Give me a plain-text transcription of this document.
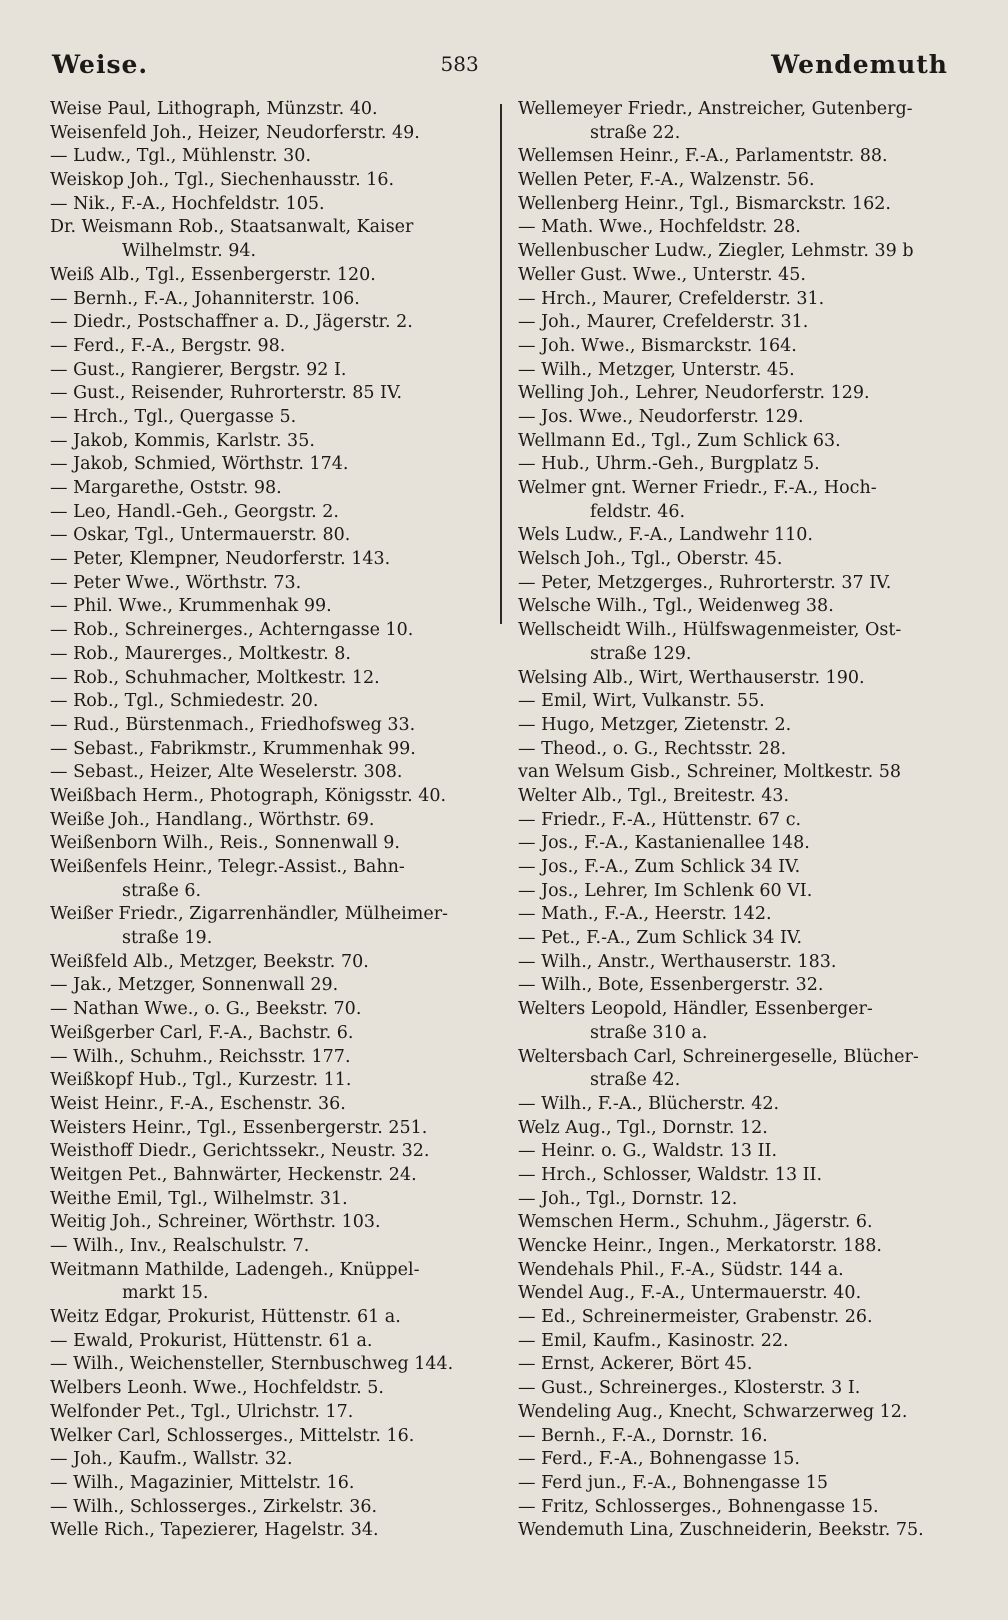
Weise.	583	Wendemuth
Weise Paul, Lithograph, Münzstr. 40.
Weisenfeld Joh., Heizer, Neudorferstr. 49.
— Ludw., Tgl., Mühlenstr. 30.
Weiskop Joh., Tgl., Siechenhausstr. 16.
— Nik., F.-A., Hochfeldstr. 105.
Dr. Weismann Rob., Staatsanwalt, Kaiser
Wilhelmstr. 94.
Weiß Alb., Tgl., Essenbergerstr. 120.
— Bernh., F.-A., Johanniterstr. 106.
— Diedr., Postschaffner a. D., Jägerstr. 2.
— Ferd., F.-A., Bergstr. 98.
— Gust., Rangierer, Bergstr. 92 I.
— Gust., Reisender, Ruhrorterstr. 85 IV.
— Hrch., Tgl., Quergasse 5.
— Jakob, Kommis, Karlstr. 35.
— Jakob, Schmied, Wörthstr. 174.
— Margarethe, Oststr. 98.
— Leo, Handl.-Geh., Georgstr. 2.
— Oskar, Tgl., Untermauerstr. 80.
— Peter, Klempner, Neudorferstr. 143.
— Peter Wwe., Wörthstr. 73.
— Phil. Wwe., Krummenhak 99.
— Rob., Schreinerges., Achterngasse 10.
— Rob., Maurerges., Moltkestr. 8.
— Rob., Schuhmacher, Moltkestr. 12.
— Rob., Tgl., Schmiedestr. 20.
— Rud., Bürstenmach., Friedhofsweg 33.
— Sebast., Fabrikmstr., Krummenhak 99.
— Sebast., Heizer, Alte Weselerstr. 308.
Weißbach Herm., Photograph, Königsstr. 40.
Weiße Joh., Handlang., Wörthstr. 69.
Weißenborn Wilh., Reis., Sonnenwall 9.
Weißenfels Heinr., Telegr.-Assist., Bahn-
straße 6.
Weißer Friedr., Zigarrenhändler, Mülheimer-
straße 19.
Weißfeld Alb., Metzger, Beekstr. 70.
— Jak., Metzger, Sonnenwall 29.
— Nathan Wwe., o. G., Beekstr. 70.
Weißgerber Carl, F.-A., Bachstr. 6.
— Wilh., Schuhm., Reichsstr. 177.
Weißkopf Hub., Tgl., Kurzestr. 11.
Weist Heinr., F.-A., Eschenstr. 36.
Weisters Heinr., Tgl., Essenbergerstr. 251.
Weisthoff Diedr., Gerichtssekr., Neustr. 32.
Weitgen Pet., Bahnwärter, Heckenstr. 24.
Weithe Emil, Tgl., Wilhelmstr. 31.
Weitig Joh., Schreiner, Wörthstr. 103.
— Wilh., Inv., Realschulstr. 7.
Weitmann Mathilde, Ladengeh., Knüppel-
markt 15.
Weitz Edgar, Prokurist, Hüttenstr. 61 a.
— Ewald, Prokurist, Hüttenstr. 61 a.
— Wilh., Weichensteller, Sternbuschweg 144.
Welbers Leonh. Wwe., Hochfeldstr. 5.
Welfonder Pet., Tgl., Ulrichstr. 17.
Welker Carl, Schlosserges., Mittelstr. 16.
— Joh., Kaufm., Wallstr. 32.
— Wilh., Magazinier, Mittelstr. 16.
— Wilh., Schlosserges., Zirkelstr. 36.
Welle Rich., Tapezierer, Hagelstr. 34.
Wellemeyer Friedr., Anstreicher, Gutenberg-
straße 22.
Wellemsen Heinr., F.-A., Parlamentstr. 88.
Wellen Peter, F.-A., Walzenstr. 56.
Wellenberg Heinr., Tgl., Bismarckstr. 162.
— Math. Wwe., Hochfeldstr. 28.
Wellenbuscher Ludw., Ziegler, Lehmstr. 39 b
Weller Gust. Wwe., Unterstr. 45.
— Hrch., Maurer, Crefelderstr. 31.
— Joh., Maurer, Crefelderstr. 31.
— Joh. Wwe., Bismarckstr. 164.
— Wilh., Metzger, Unterstr. 45.
Welling Joh., Lehrer, Neudorferstr. 129.
— Jos. Wwe., Neudorferstr. 129.
Wellmann Ed., Tgl., Zum Schlick 63.
— Hub., Uhrm.-Geh., Burgplatz 5.
Welmer gnt. Werner Friedr., F.-A., Hoch-
feldstr. 46.
Wels Ludw., F.-A., Landwehr 110.
Welsch Joh., Tgl., Oberstr. 45.
— Peter, Metzgerges., Ruhrorterstr. 37 IV.
Welsche Wilh., Tgl., Weidenweg 38.
Wellscheidt Wilh., Hülfswagenmeister, Ost-
straße 129.
Welsing Alb., Wirt, Werthauserstr. 190.
— Emil, Wirt, Vulkanstr. 55.
— Hugo, Metzger, Zietenstr. 2.
— Theod., o. G., Rechtsstr. 28.
van Welsum Gisb., Schreiner, Moltkestr. 58
Welter Alb., Tgl., Breitestr. 43.
— Friedr., F.-A., Hüttenstr. 67 c.
— Jos., F.-A., Kastanienallee 148.
— Jos., F.-A., Zum Schlick 34 IV.
— Jos., Lehrer, Im Schlenk 60 VI.
— Math., F.-A., Heerstr. 142.
— Pet., F.-A., Zum Schlick 34 IV.
— Wilh., Anstr., Werthauserstr. 183.
— Wilh., Bote, Essenbergerstr. 32.
Welters Leopold, Händler, Essenberger-
straße 310 a.
Weltersbach Carl, Schreinergeselle, Blücher-
straße 42.
— Wilh., F.-A., Blücherstr. 42.
Welz Aug., Tgl., Dornstr. 12.
— Heinr. o. G., Waldstr. 13 II.
— Hrch., Schlosser, Waldstr. 13 II.
— Joh., Tgl., Dornstr. 12.
Wemschen Herm., Schuhm., Jägerstr. 6.
Wencke Heinr., Ingen., Merkatorstr. 188.
Wendehals Phil., F.-A., Südstr. 144 a.
Wendel Aug., F.-A., Untermauerstr. 40.
— Ed., Schreinermeister, Grabenstr. 26.
— Emil, Kaufm., Kasinostr. 22.
— Ernst, Ackerer, Bört 45.
— Gust., Schreinerges., Klosterstr. 3 I.
Wendeling Aug., Knecht, Schwarzerweg 12.
— Bernh., F.-A., Dornstr. 16.
— Ferd., F.-A., Bohnengasse 15.
— Ferd jun., F.-A., Bohnengasse 15
— Fritz, Schlosserges., Bohnengasse 15.
Wendemuth Lina, Zuschneiderin, Beekstr. 75.
